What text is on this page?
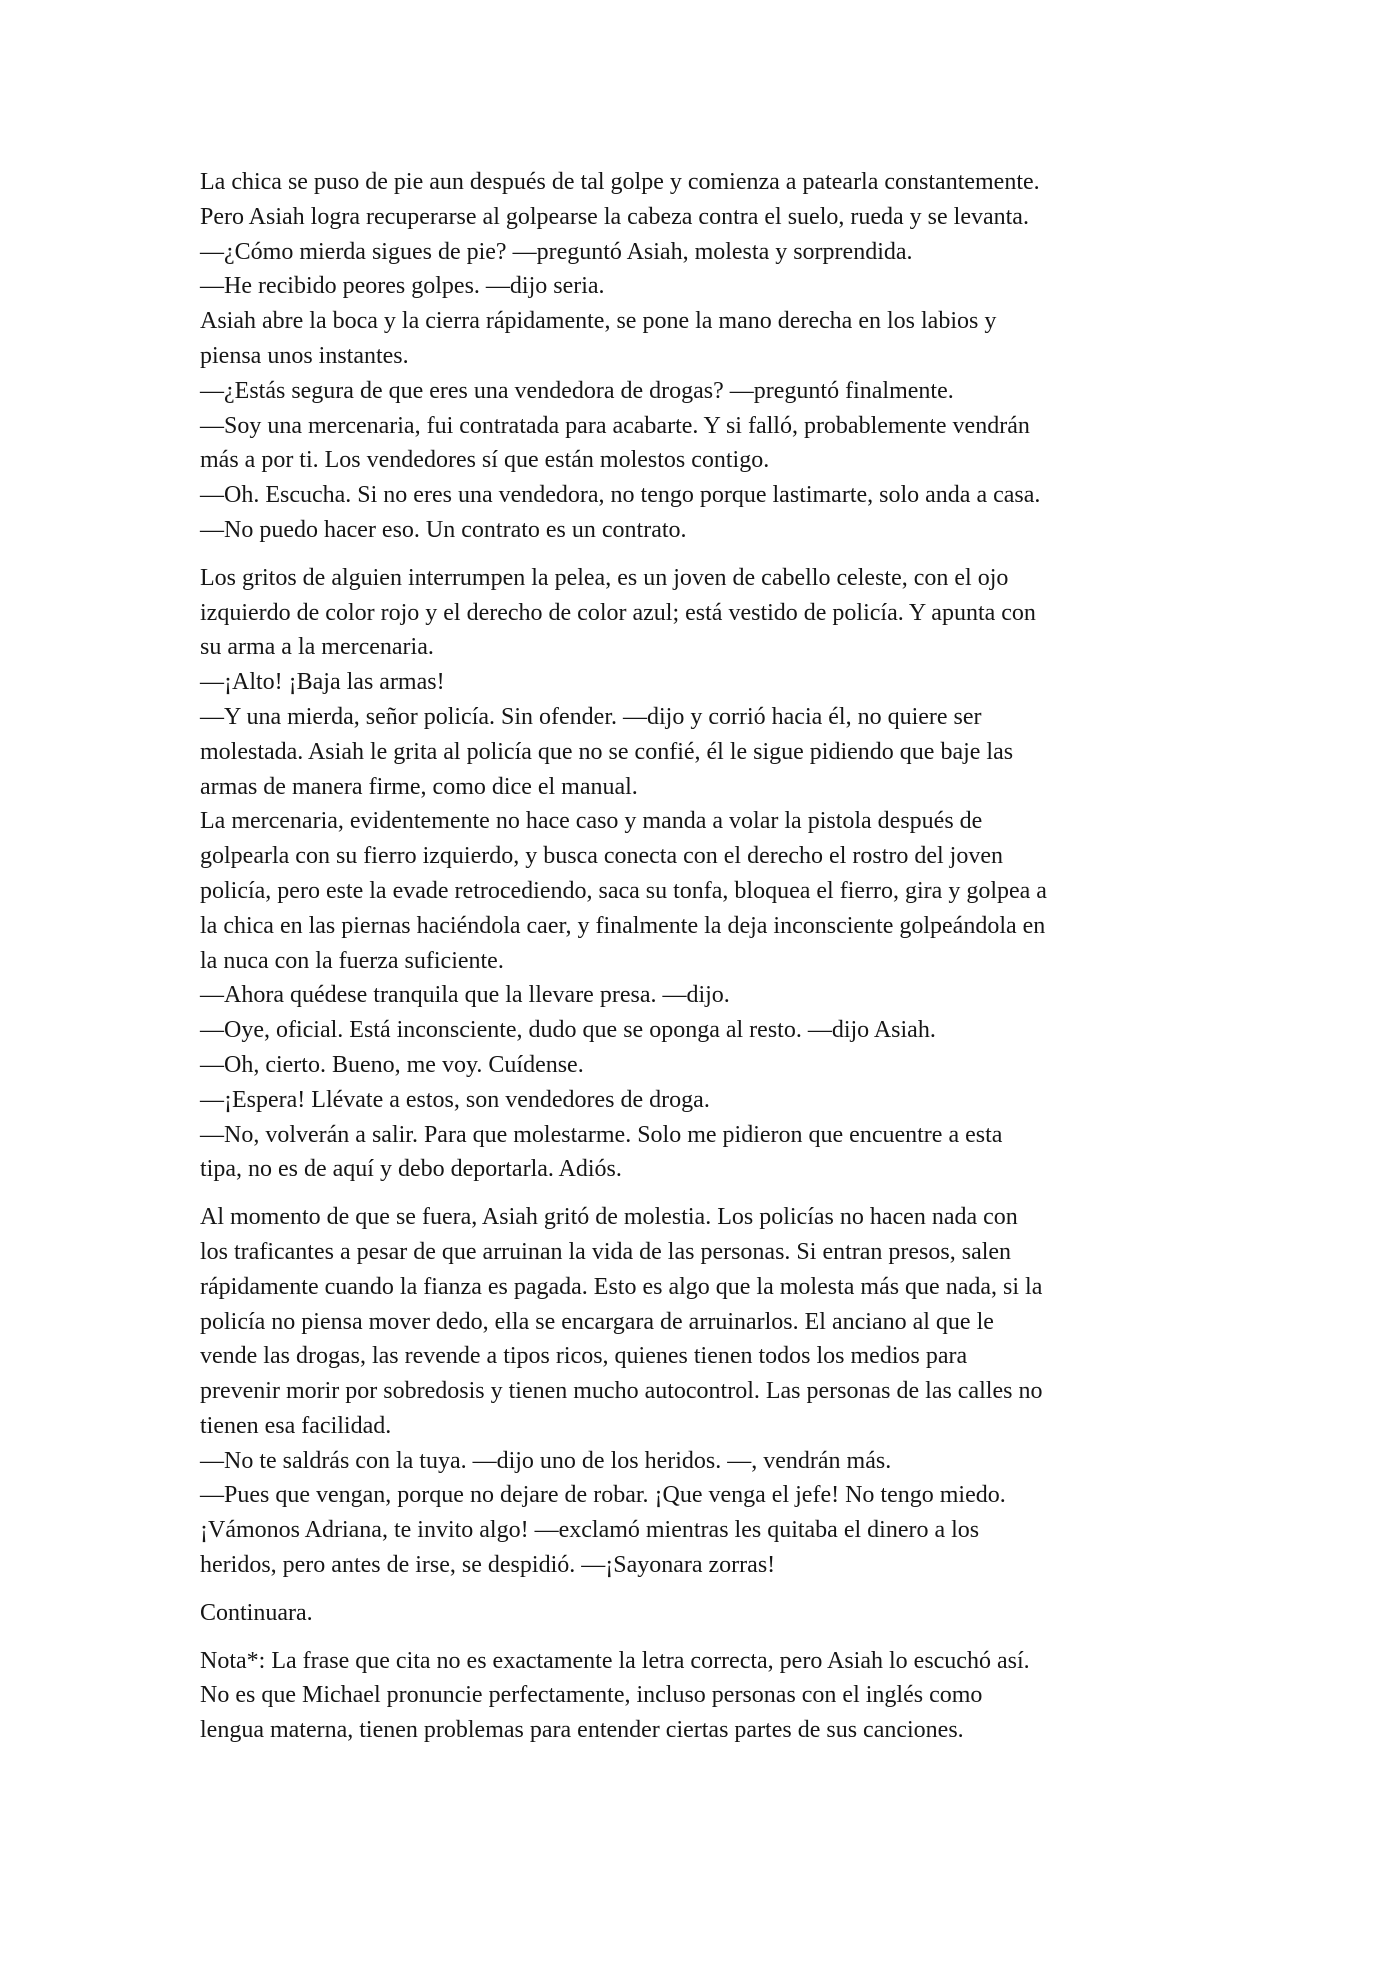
La chica se puso de pie aun después de tal golpe y comienza a patearla constantemente.
Pero Asiah logra recuperarse al golpearse la cabeza contra el suelo, rueda y se levanta.
—¿Cómo mierda sigues de pie? —preguntó Asiah, molesta y sorprendida.
—He recibido peores golpes. —dijo seria.
Asiah abre la boca y la cierra rápidamente, se pone la mano derecha en los labios y
piensa unos instantes.
—¿Estás segura de que eres una vendedora de drogas? —preguntó finalmente.
—Soy una mercenaria, fui contratada para acabarte. Y si falló, probablemente vendrán
más a por ti. Los vendedores sí que están molestos contigo.
—Oh. Escucha. Si no eres una vendedora, no tengo porque lastimarte, solo anda a casa.
—No puedo hacer eso. Un contrato es un contrato.
Los gritos de alguien interrumpen la pelea, es un joven de cabello celeste, con el ojo
izquierdo de color rojo y el derecho de color azul; está vestido de policía. Y apunta con
su arma a la mercenaria.
—¡Alto! ¡Baja las armas!
—Y una mierda, señor policía. Sin ofender. —dijo y corrió hacia él, no quiere ser
molestada. Asiah le grita al policía que no se confié, él le sigue pidiendo que baje las
armas de manera firme, como dice el manual.
La mercenaria, evidentemente no hace caso y manda a volar la pistola después de
golpearla con su fierro izquierdo, y busca conecta con el derecho el rostro del joven
policía, pero este la evade retrocediendo, saca su tonfa, bloquea el fierro, gira y golpea a
la chica en las piernas haciéndola caer, y finalmente la deja inconsciente golpeándola en
la nuca con la fuerza suficiente.
—Ahora quédese tranquila que la llevare presa. —dijo.
—Oye, oficial. Está inconsciente, dudo que se oponga al resto. —dijo Asiah.
—Oh, cierto. Bueno, me voy. Cuídense.
—¡Espera! Llévate a estos, son vendedores de droga.
—No, volverán a salir. Para que molestarme. Solo me pidieron que encuentre a esta
tipa, no es de aquí y debo deportarla. Adiós.
Al momento de que se fuera, Asiah gritó de molestia. Los policías no hacen nada con
los traficantes a pesar de que arruinan la vida de las personas. Si entran presos, salen
rápidamente cuando la fianza es pagada. Esto es algo que la molesta más que nada, si la
policía no piensa mover dedo, ella se encargara de arruinarlos. El anciano al que le
vende las drogas, las revende a tipos ricos, quienes tienen todos los medios para
prevenir morir por sobredosis y tienen mucho autocontrol. Las personas de las calles no
tienen esa facilidad.
—No te saldrás con la tuya. —dijo uno de los heridos. —, vendrán más.
—Pues que vengan, porque no dejare de robar. ¡Que venga el jefe! No tengo miedo.
¡Vámonos Adriana, te invito algo! —exclamó mientras les quitaba el dinero a los
heridos, pero antes de irse, se despidió. —¡Sayonara zorras!
Continuara.
Nota*: La frase que cita no es exactamente la letra correcta, pero Asiah lo escuchó así.
No es que Michael pronuncie perfectamente, incluso personas con el inglés como
lengua materna, tienen problemas para entender ciertas partes de sus canciones.
